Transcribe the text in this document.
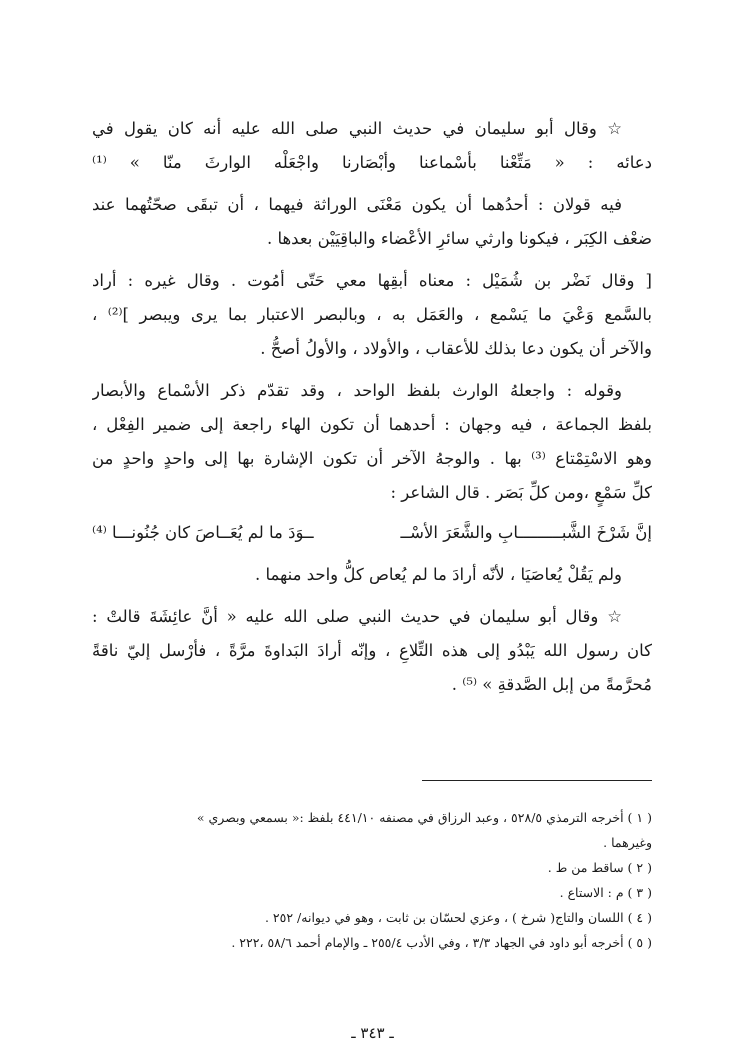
☆ وقال أبو سليمان في حديث النبي صلى الله عليه أنه كان يقول في
دعائه : « مَتِّعْنا بأسْماعنا وأبْصَارنا واجْعَلْه الوارثَ منّا » ⁽¹⁾
فيه قولان : أحدُهما أن يكون مَعْنَى الوراثة فيهما ، أن تبقَى صحّتُهما عند
ضعْف الكِبَر ، فيكونا وارثي سائرِ الأعْضاء والباقِيَيْن بعدها .
[ وقال نَضْر بن شُمَيْل : معناه أبقِها معي حَتّى أمُوت . وقال غيره : أراد
بالسَّمع وَعْيَ ما يَسْمع ، والعَمَل به ، وبالبصر الاعتبار بما يرى ويبصر ]⁽²⁾ ،
والآخر أن يكون دعا بذلك للأعقاب ، والأولاد ، والأولُ أصحُّ .
وقوله : واجعلهُ الوارث بلفظ الواحد ، وقد تقدّم ذكر الأسْماع والأبصار
بلفظ الجماعة ، فيه وجهان : أحدهما أن تكون الهاء راجعة إلى ضمير الفِعْل ،
وهو الاسْتِمْتاع ⁽³⁾ بها . والوجهُ الآخر أن تكون الإشارة بها إلى واحدٍ واحدٍ من
كلِّ سَمْعٍ ،ومن كلِّ بَصَر . قال الشاعر :
إنَّ شَرْخَ الشَّبـــــــــابِ والشَّعَرَ الأسْــ
ــوَدَ ما لم يُعَــاصَ كان جُنُونـــا ⁽⁴⁾
ولم يَقُلْ يُعاصَيَا ، لأنّه أرادَ ما لم يُعاص كلُّ واحد منهما .
☆ وقال أبو سليمان في حديث النبي صلى الله عليه « أنَّ عائِشَةَ قالتْ :
كان رسول الله يَبْدُو إلى هذه التِّلاعِ ، وإنّه أرادَ البَداوةَ مرَّةً ، فأرْسل إليّ ناقةً
مُحرَّمةً من إبل الصَّدقةِ » ⁽⁵⁾ .
( ١ ) أخرجه الترمذي ٥٢٨/٥ ، وعبد الرزاق في مصنفه ٤٤١/١٠ بلفظ :« بسمعي وبصري »
وغيرهما .
( ٢ ) ساقط من ط .
( ٣ ) م : الاستاع .
( ٤ ) اللسان والتاج( شرخ ) ، وعزي لحسّان بن ثابت ، وهو في ديوانه/ ٢٥٢ .
( ٥ ) أخرجه أبو داود في الجهاد ٣/٣ ، وفي الأدب ٢٥٥/٤ ـ والإمام أحمد ٥٨/٦ ،٢٢٢ .
ـ ٣٤٣ ـ
